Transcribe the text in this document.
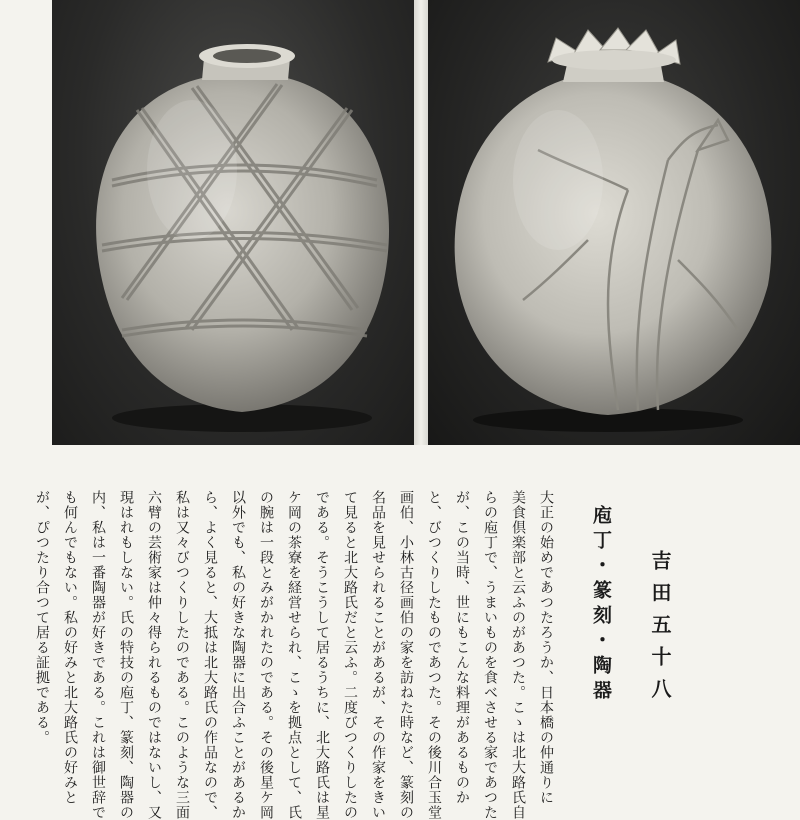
庖丁・篆刻・陶器 吉田五十八
大正の始めであつたろうか、日本橋の仲通りに
美食倶楽部と云ふのがあつた。こゝは北大路氏自
らの庖丁で、うまいものを食べさせる家であつた
が、この当時、世にもこんな料理があるものか
と、びつくりしたものであつた。その後川合玉堂
画伯、小林古径画伯の家を訪ねた時など、篆刻の
名品を見せられることがあるが、その作家をきい
て見ると北大路氏だと云ふ。二度びつくりしたの
である。そうこうして居るうちに、北大路氏は星
ケ岡の茶寮を経営せられ、こゝを拠点として、氏
の腕は一段とみがかれたのである。その後星ケ岡
以外でも、私の好きな陶器に出合ふことがあるか
ら、よく見ると、大抵は北大路氏の作品なので、
私は又々びつくりしたのである。このような三面
六臂の芸術家は仲々得られるものではないし、又
現はれもしない。氏の特技の庖丁、篆刻、陶器の
内、私は一番陶器が好きである。これは御世辞で
も何んでもない。私の好みと北大路氏の好みと
が、ぴつたり合つて居る証拠である。
